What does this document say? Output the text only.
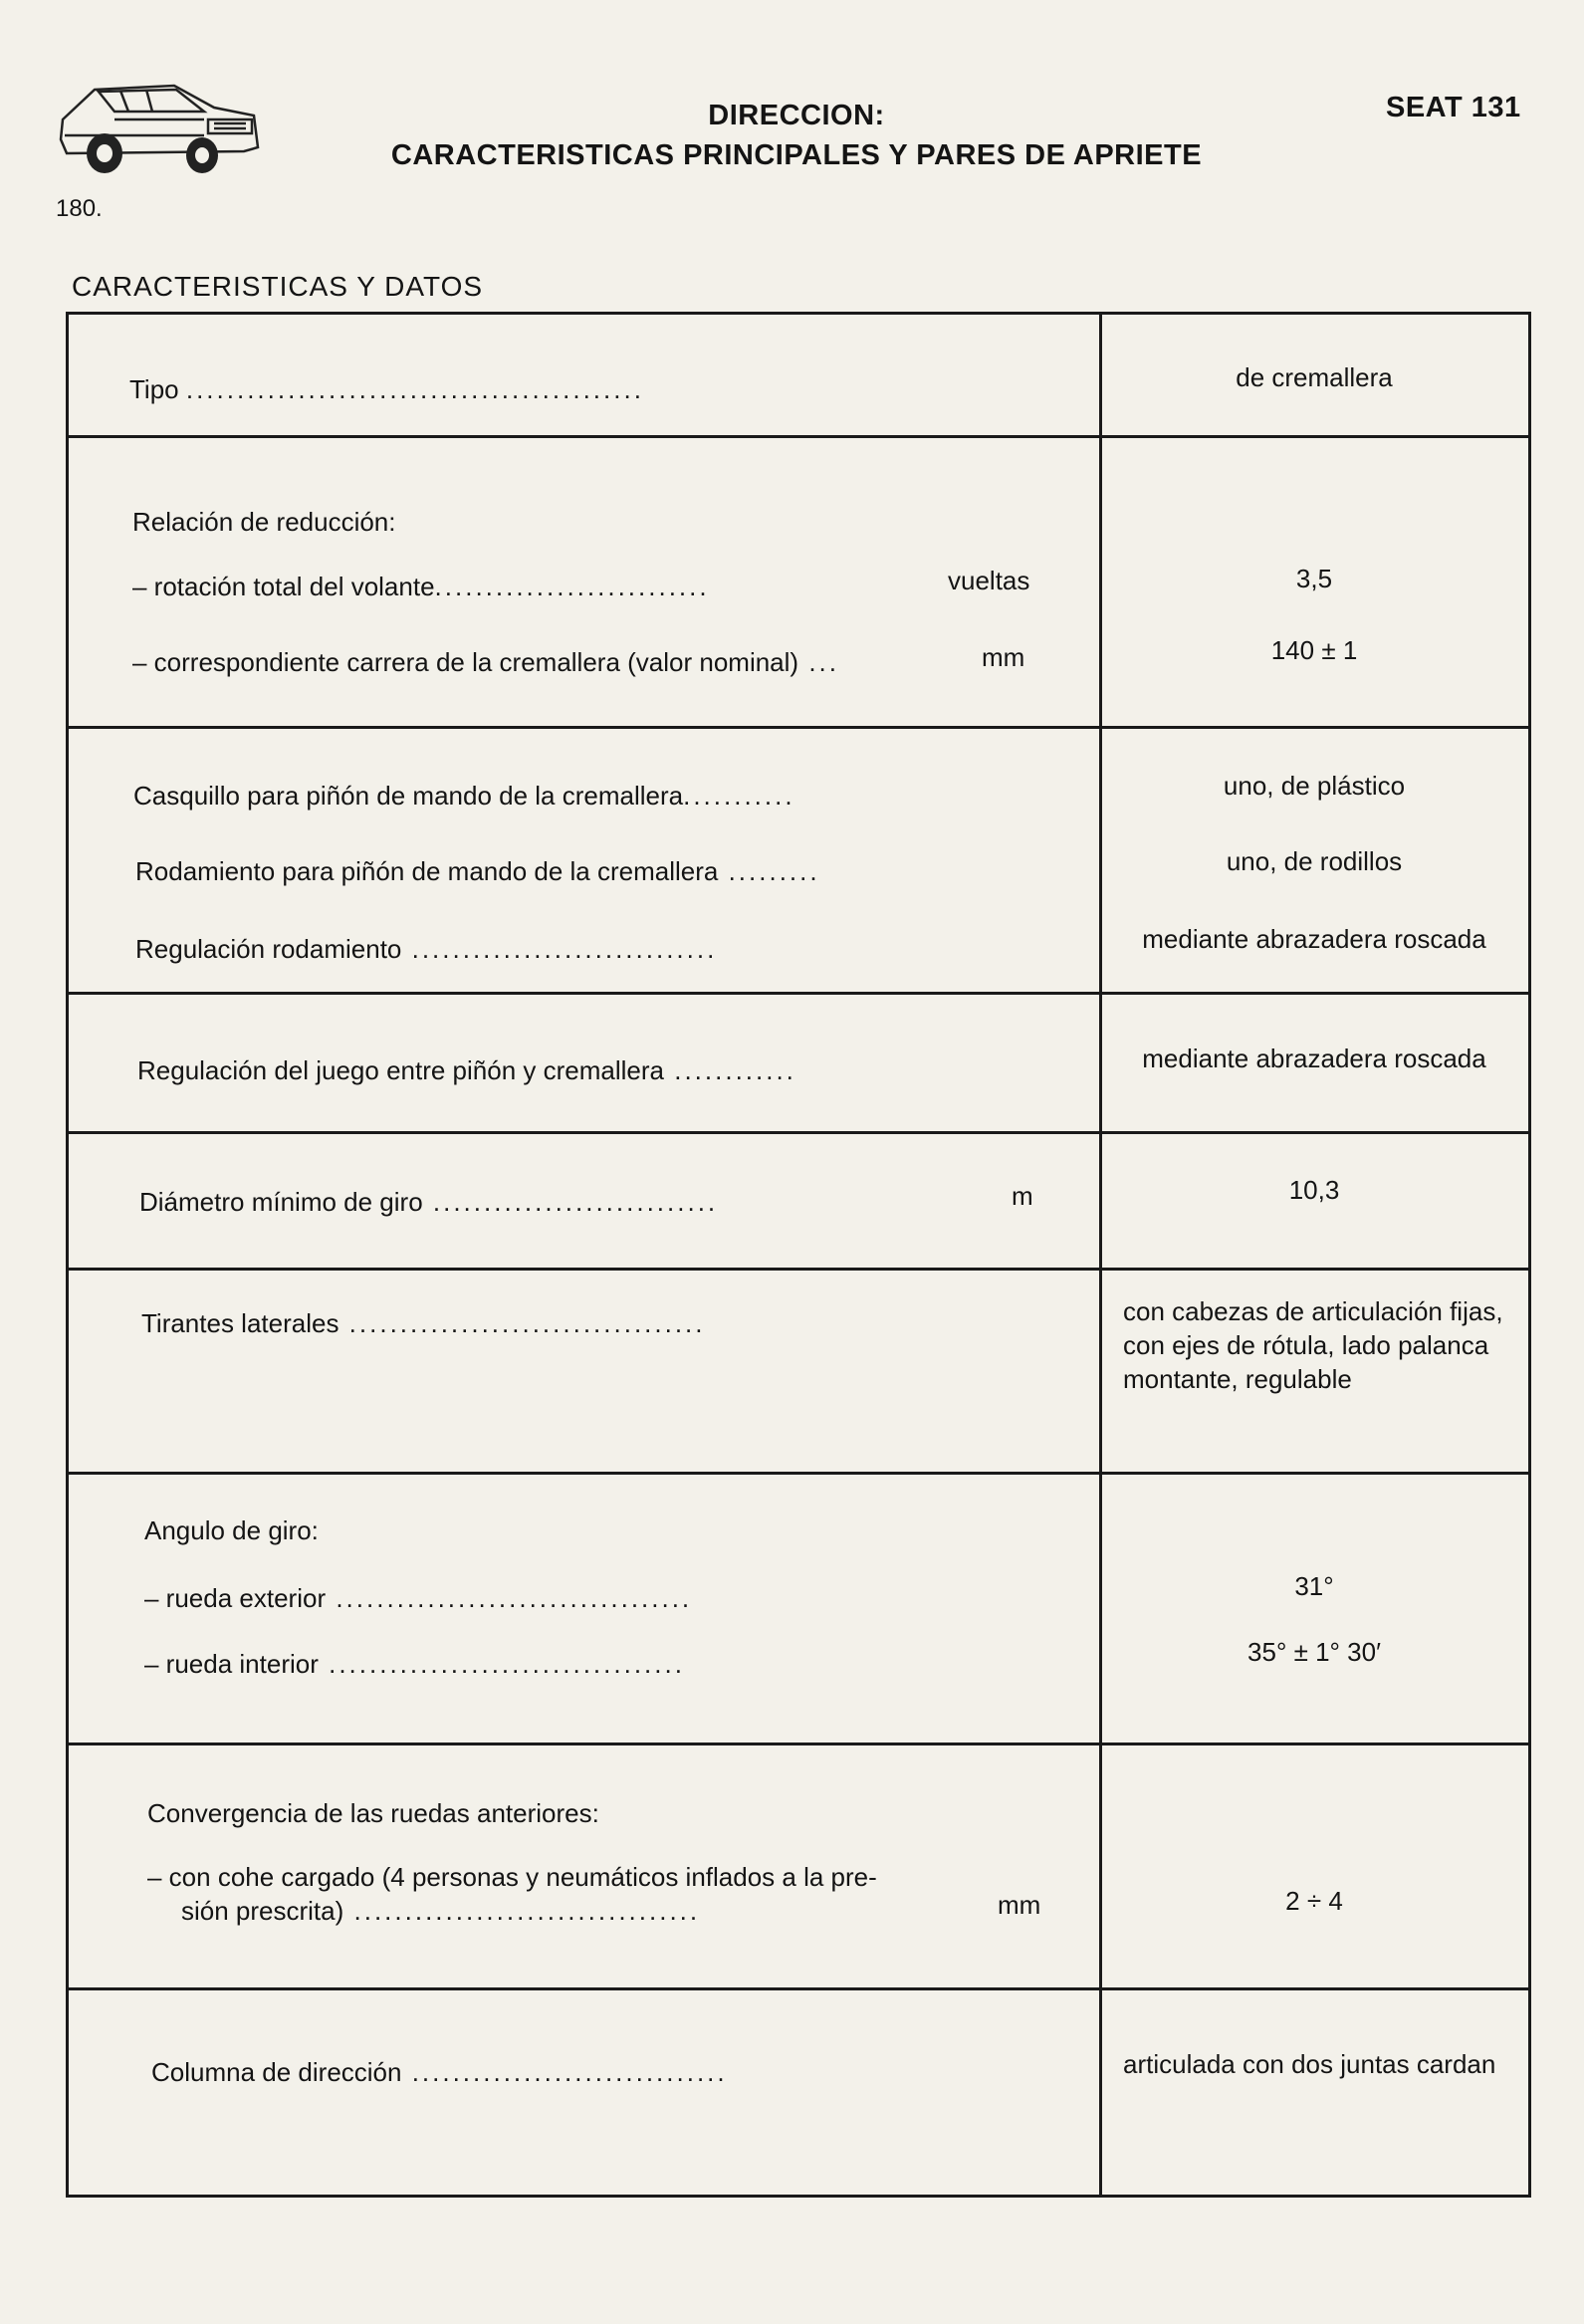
180.
DIRECCION:
CARACTERISTICAS PRINCIPALES Y PARES DE APRIETE
SEAT 131
CARACTERISTICAS Y DATOS
Tipo .............................................	de cremallera
Relación de reducción:
– rotación total del volante...........................	vueltas	3,5
– correspondiente carrera de la cremallera (valor nominal) ...	mm	140 ± 1
Casquillo para piñón de mando de la cremallera...........	uno, de plástico
Rodamiento para piñón de mando de la cremallera .........	uno, de rodillos
Regulación rodamiento ..............................	mediante abrazadera roscada
Regulación del juego entre piñón y cremallera ............	mediante abrazadera roscada
Diámetro mínimo de giro ............................	m	10,3
Tirantes laterales ...................................	con cabezas de articulación fijas, con ejes de rótula, lado palanca montante, regulable
Angulo de giro:
– rueda exterior ...................................	31°
– rueda interior ...................................	35° ± 1° 30′
Convergencia de las ruedas anteriores:
– con cohe cargado (4 personas y neumáticos inflados a la pre-
sión prescrita) ..................................	mm	2 ÷ 4
Columna de dirección ...............................	articulada con dos juntas cardan
